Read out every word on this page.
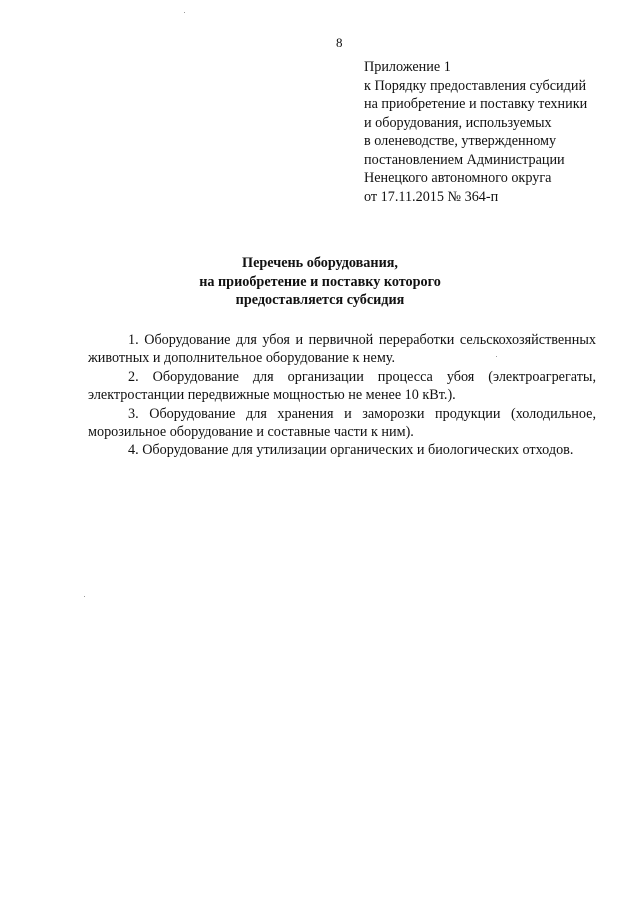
8
Приложение 1
к Порядку предоставления субсидий
на приобретение и поставку техники
и оборудования, используемых
в оленеводстве, утвержденному
постановлением Администрации
Ненецкого автономного округа
от 17.11.2015 № 364-п
Перечень оборудования,
на приобретение и поставку которого
предоставляется субсидия

1. Оборудование для убоя и первичной переработки сельскохозяйственных животных и дополнительное оборудование к нему.

2. Оборудование для организации процесса убоя (электроагрегаты, электростанции передвижные мощностью не менее 10 кВт.).

3. Оборудование для хранения и заморозки продукции (холодильное, морозильное оборудование и составные части к ним).

4. Оборудование для утилизации органических и биологических отходов.
